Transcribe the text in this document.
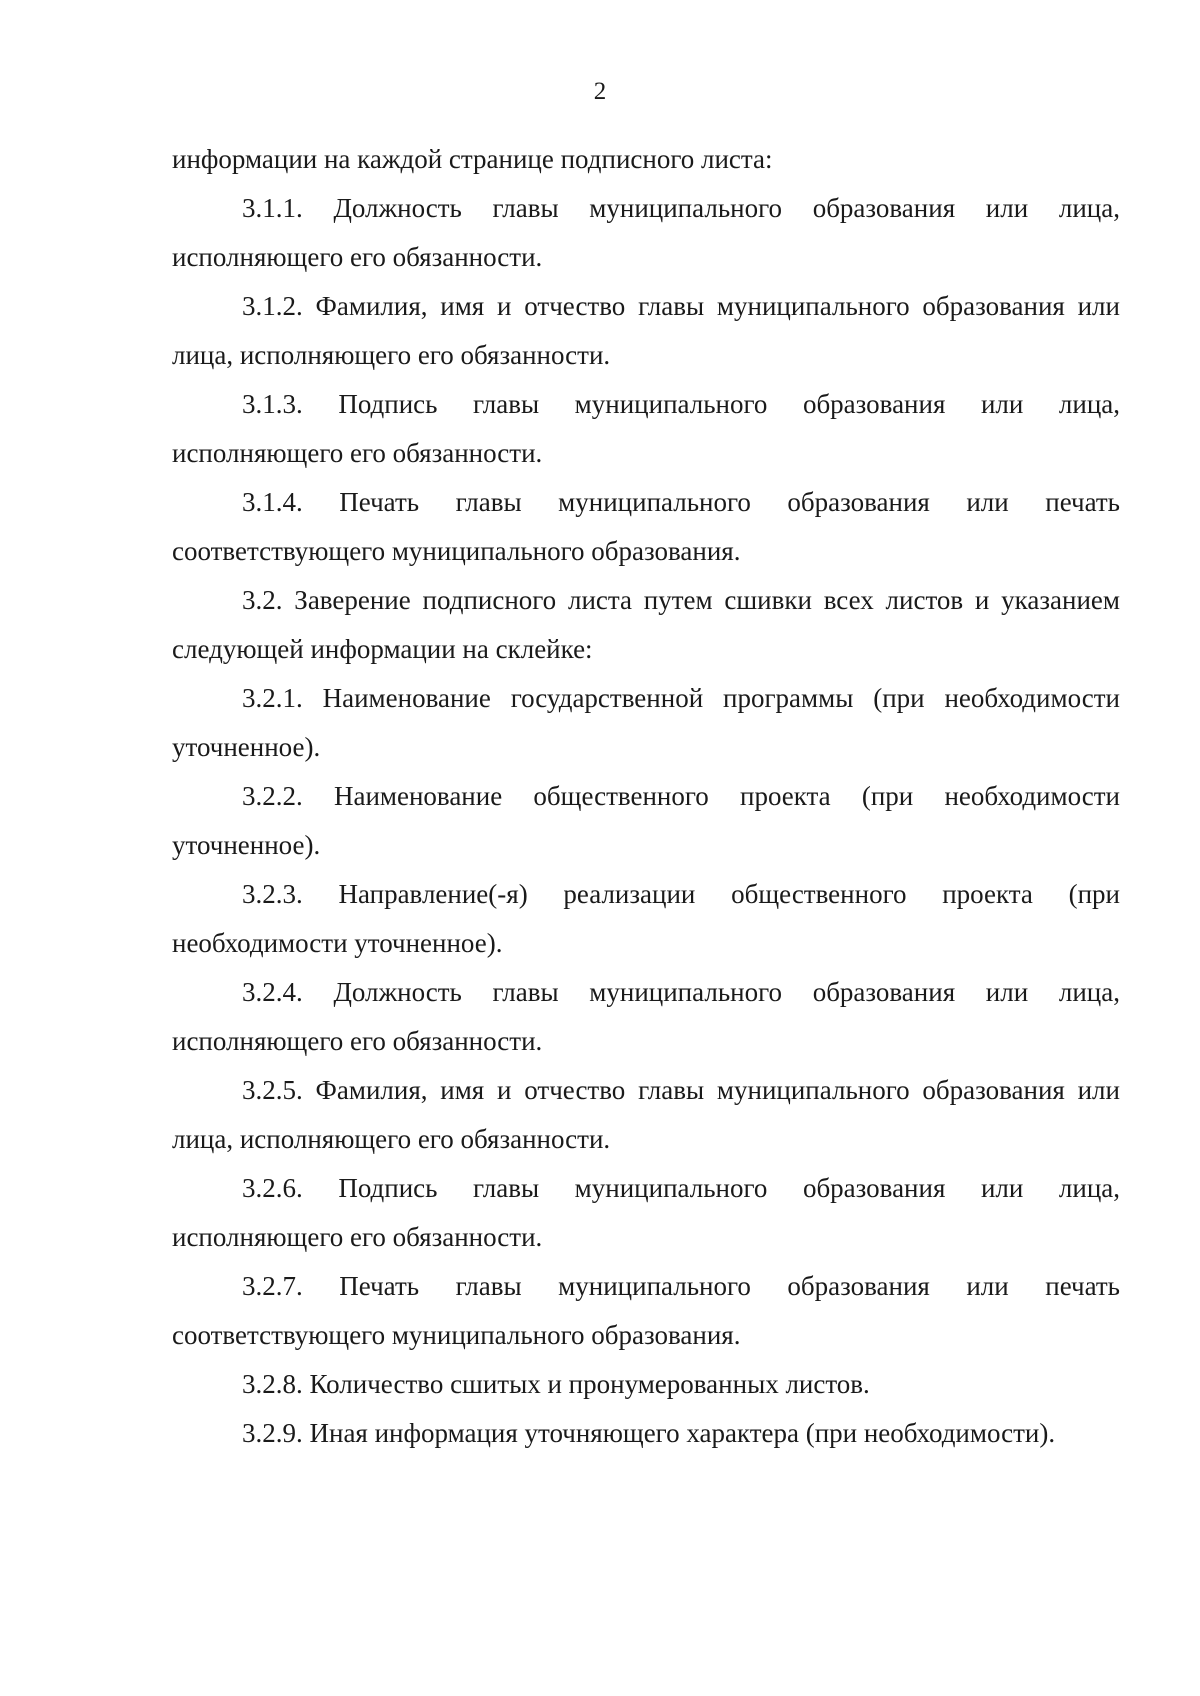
2

информации на каждой странице подписного листа:

3.1.1. Должность главы муниципального образования или лица, исполняющего его обязанности.

3.1.2. Фамилия, имя и отчество главы муниципального образования или лица, исполняющего его обязанности.

3.1.3. Подпись главы муниципального образования или лица, исполняющего его обязанности.

3.1.4. Печать главы муниципального образования или печать соответствующего муниципального образования.

3.2. Заверение подписного листа путем сшивки всех листов и указанием следующей информации на склейке:

3.2.1. Наименование государственной программы (при необходимости уточненное).

3.2.2. Наименование общественного проекта (при необходимости уточненное).

3.2.3. Направление(-я) реализации общественного проекта (при необходимости уточненное).

3.2.4. Должность главы муниципального образования или лица, исполняющего его обязанности.

3.2.5. Фамилия, имя и отчество главы муниципального образования или лица, исполняющего его обязанности.

3.2.6. Подпись главы муниципального образования или лица, исполняющего его обязанности.

3.2.7. Печать главы муниципального образования или печать соответствующего муниципального образования.

3.2.8. Количество сшитых и пронумерованных листов.

3.2.9. Иная информация уточняющего характера (при необходимости).
